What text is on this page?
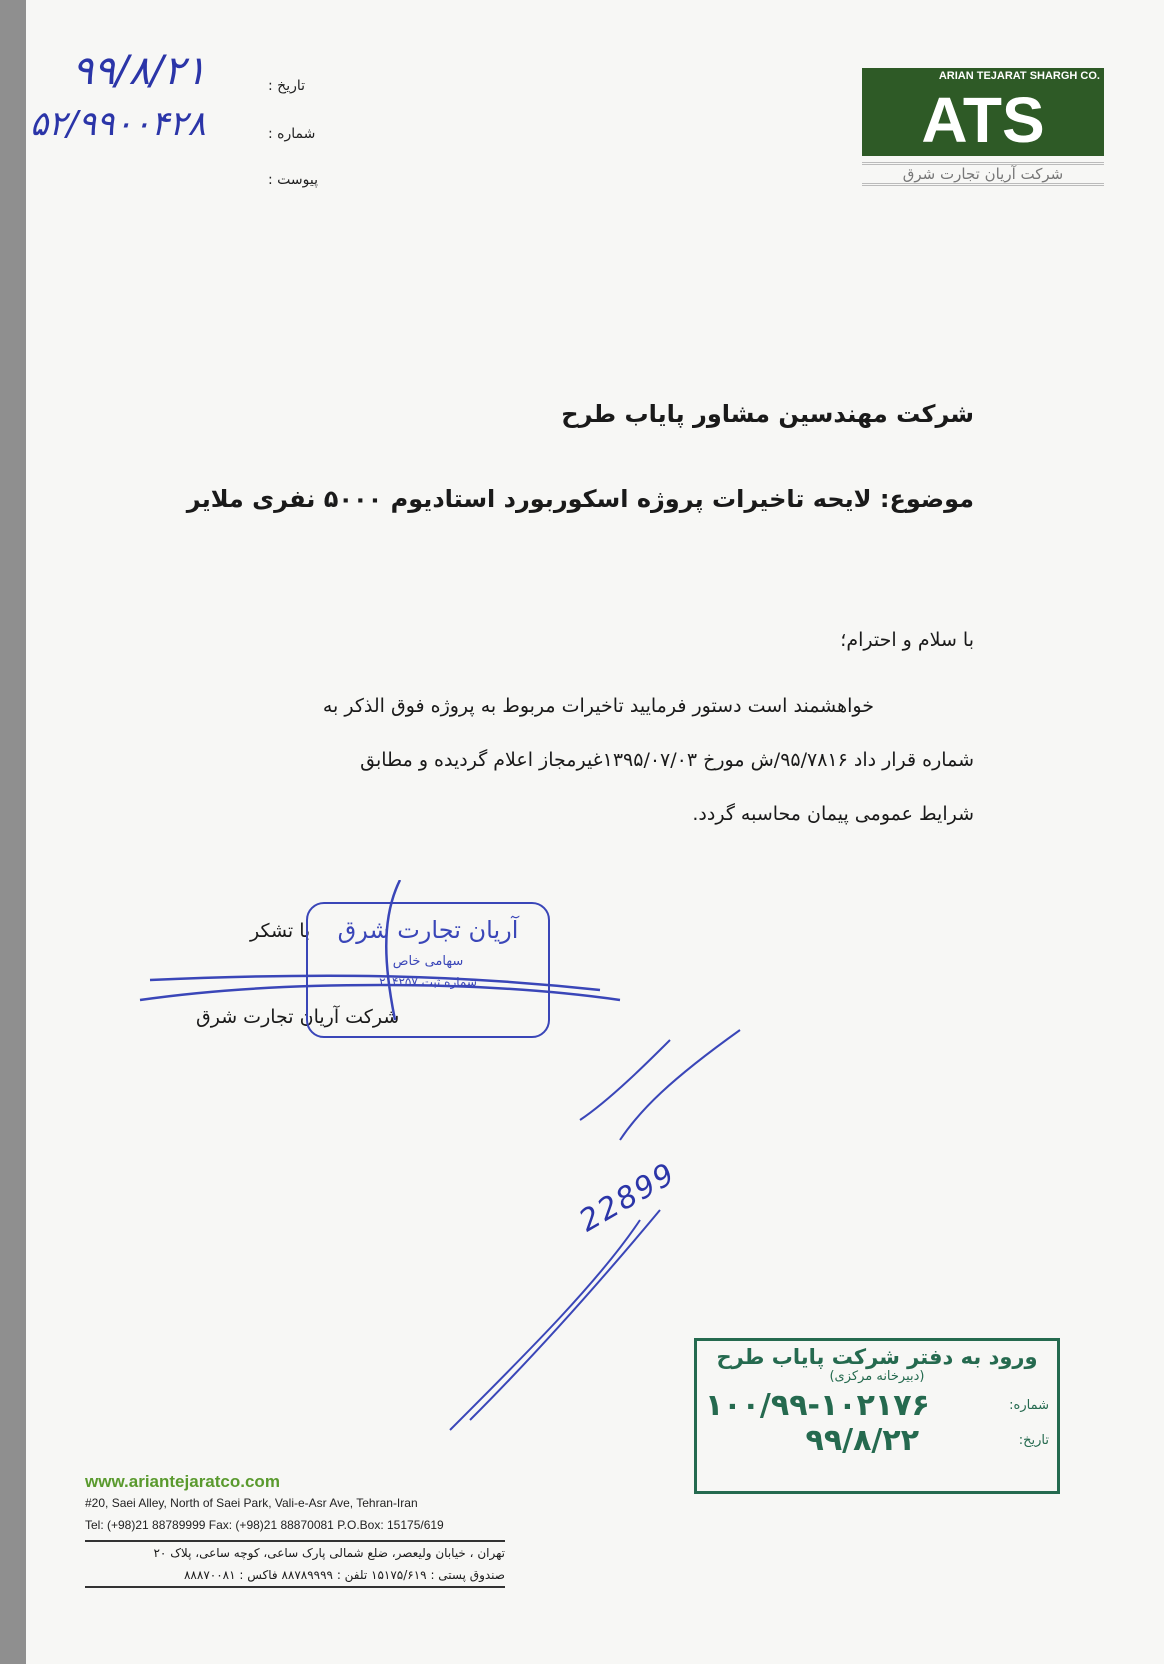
تاریخ :
۹۹/۸/۲۱
شماره :
۵۲/۹۹۰۰۴۲۸
پیوست :
ARIAN TEJARAT SHARGH CO.
ATS
شرکت آریان تجارت شرق
شرکت مهندسین مشاور پایاب طرح
موضوع: لایحه تاخیرات پروژه اسکوربورد استادیوم ۵۰۰۰ نفری ملایر
با سلام و احترام؛
خواهشمند است دستور فرمایید تاخیرات مربوط به پروژه فوق الذکر به
شماره قرار داد ۹۵/۷۸۱۶/ش مورخ ۱۳۹۵/۰۷/۰۳غیرمجاز اعلام گردیده و مطابق
شرایط عمومی پیمان محاسبه گردد.
با تشکر
شرکت آریان تجارت شرق
آریان تجارت شرق
سهامی خاص
شماره ثبت ۲۱۴۲۵۷
22899
ورود به دفتر شرکت پایاب طرح
(دبیرخانه مرکزی)
شماره:
۱۰۰/۹۹-۱۰۲۱۷۶
تاریخ:
۹۹/۸/۲۲
www.ariantejaratco.com
#20, Saei Alley, North of Saei Park, Vali-e-Asr Ave, Tehran-Iran
Tel: (+98)21 88789999 Fax: (+98)21 88870081 P.O.Box: 15175/619
تهران ، خیابان ولیعصر، ضلع شمالی پارک ساعی، کوچه ساعی، پلاک ۲۰
صندوق پستی : ۱۵۱۷۵/۶۱۹ تلفن : ۸۸۷۸۹۹۹۹ فاکس : ۸۸۸۷۰۰۸۱
